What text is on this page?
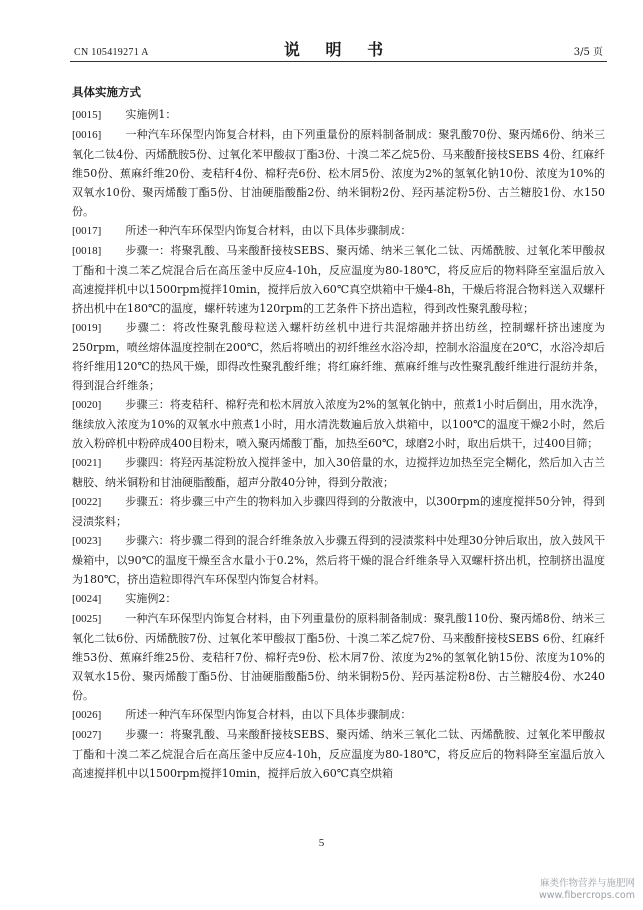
CN 105419271 A	说 明 书	3/5 页
具体实施方式

[0015] 实施例1：

[0016] 一种汽车环保型内饰复合材料，由下列重量份的原料制备制成：聚乳酸70份、聚丙烯6份、纳米三氧化二钛4份、丙烯酰胺5份、过氧化苯甲酸叔丁酯3份、十溴二苯乙烷5份、马来酸酐接枝SEBS 4份、红麻纤维50份、蕉麻纤维20份、麦秸秆4份、棉籽壳6份、松木屑5份、浓度为2%的氢氧化钠10份、浓度为10%的双氧水10份、聚丙烯酸丁酯5份、甘油硬脂酸酯2份、纳米铜粉2份、羟丙基淀粉5份、古兰糖胶1份、水150份。

[0017] 所述一种汽车环保型内饰复合材料，由以下具体步骤制成：

[0018] 步骤一：将聚乳酸、马来酸酐接枝SEBS、聚丙烯、纳米三氧化二钛、丙烯酰胺、过氧化苯甲酸叔丁酯和十溴二苯乙烷混合后在高压釜中反应4-10h，反应温度为80-180℃，将反应后的物料降至室温后放入高速搅拌机中以1500rpm搅拌10min，搅拌后放入60℃真空烘箱中干燥4-8h，干燥后将混合物料送入双螺杆挤出机中在180℃的温度，螺杆转速为120rpm的工艺条件下挤出造粒，得到改性聚乳酸母粒；

[0019] 步骤二：将改性聚乳酸母粒送入螺杆纺丝机中进行共混熔融并挤出纺丝，控制螺杆挤出速度为250rpm，喷丝熔体温度控制在200℃，然后将喷出的初纤维丝水浴冷却，控制水浴温度在20℃，水浴冷却后将纤维用120℃的热风干燥，即得改性聚乳酸纤维；将红麻纤维、蕉麻纤维与改性聚乳酸纤维进行混纺并条，得到混合纤维条；

[0020] 步骤三：将麦秸秆、棉籽壳和松木屑放入浓度为2%的氢氧化钠中，煎煮1小时后倒出，用水洗净，继续放入浓度为10%的双氧水中煎煮1小时，用水清洗数遍后放入烘箱中，以100℃的温度干燥2小时，然后放入粉碎机中粉碎成400目粉末，喷入聚丙烯酸丁酯，加热至60℃，球磨2小时，取出后烘干，过400目筛；

[0021] 步骤四：将羟丙基淀粉放入搅拌釜中，加入30倍量的水，边搅拌边加热至完全糊化，然后加入古兰糖胶、纳米铜粉和甘油硬脂酸酯，超声分散40分钟，得到分散液；

[0022] 步骤五：将步骤三中产生的物料加入步骤四得到的分散液中，以300rpm的速度搅拌50分钟，得到浸渍浆料；

[0023] 步骤六：将步骤二得到的混合纤维条放入步骤五得到的浸渍浆料中处理30分钟后取出，放入鼓风干燥箱中，以90℃的温度干燥至含水量小于0.2%，然后将干燥的混合纤维条导入双螺杆挤出机，控制挤出温度为180℃，挤出造粒即得汽车环保型内饰复合材料。

[0024] 实施例2：

[0025] 一种汽车环保型内饰复合材料，由下列重量份的原料制备制成：聚乳酸110份、聚丙烯8份、纳米三氧化二钛6份、丙烯酰胺7份、过氧化苯甲酸叔丁酯5份、十溴二苯乙烷7份、马来酸酐接枝SEBS 6份、红麻纤维53份、蕉麻纤维25份、麦秸秆7份、棉籽壳9份、松木屑7份、浓度为2%的氢氧化钠15份、浓度为10%的双氧水15份、聚丙烯酸丁酯5份、甘油硬脂酸酯5份、纳米铜粉5份、羟丙基淀粉8份、古兰糖胶4份、水240份。

[0026] 所述一种汽车环保型内饰复合材料，由以下具体步骤制成：

[0027] 步骤一：将聚乳酸、马来酸酐接枝SEBS、聚丙烯、纳米三氧化二钛、丙烯酰胺、过氧化苯甲酸叔丁酯和十溴二苯乙烷混合后在高压釜中反应4-10h，反应温度为80-180℃，将反应后的物料降至室温后放入高速搅拌机中以1500rpm搅拌10min，搅拌后放入60℃真空烘箱

5
麻类作物营养与施肥网
www.fibercrops.com
